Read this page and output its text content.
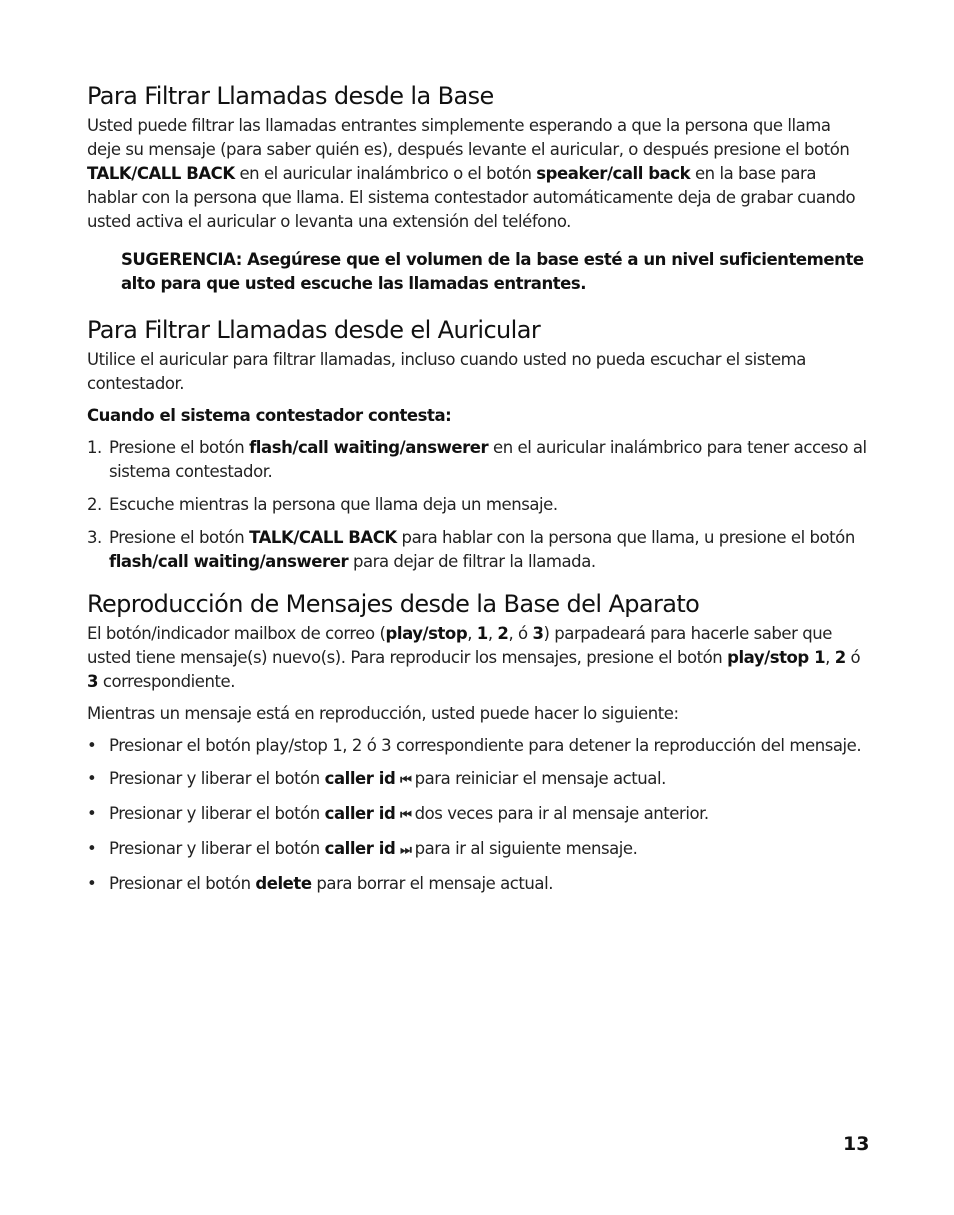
Para Filtrar Llamadas desde la Base

Usted puede filtrar las llamadas entrantes simplemente esperando a que la persona que llama deje su mensaje (para saber quién es), después levante el auricular, o después presione el botón TALK/CALL BACK en el auricular inalámbrico o el botón speaker/call back en la base para hablar con la persona que llama. El sistema contestador automáticamente deja de grabar cuando usted activa el auricular o levanta una extensión del teléfono.

SUGERENCIA: Asegúrese que el volumen de la base esté a un nivel suficientemente alto para que usted escuche las llamadas entrantes.
Para Filtrar Llamadas desde el Auricular

Utilice el auricular para filtrar llamadas, incluso cuando usted no pueda escuchar el sistema contestador.

Cuando el sistema contestador contesta:
1. Presione el botón flash/call waiting/answerer en el auricular inalámbrico para tener acceso al sistema contestador.
2. Escuche mientras la persona que llama deja un mensaje.
3. Presione el botón TALK/CALL BACK para hablar con la persona que llama, u presione el botón flash/call waiting/answerer para dejar de filtrar la llamada.
Reproducción de Mensajes desde la Base del Aparato

El botón/indicador mailbox de correo (play/stop, 1, 2, ó 3) parpadeará para hacerle saber que usted tiene mensaje(s) nuevo(s). Para reproducir los mensajes, presione el botón play/stop 1, 2 ó 3 correspondiente.

Mientras un mensaje está en reproducción, usted puede hacer lo siguiente:

• Presionar el botón play/stop 1, 2 ó 3 correspondiente para detener la reproducción del mensaje.
• Presionar y liberar el botón caller id ⏮ para reiniciar el mensaje actual.
• Presionar y liberar el botón caller id ⏮ dos veces para ir al mensaje anterior.
• Presionar y liberar el botón caller id ⏭ para ir al siguiente mensaje.
• Presionar el botón delete para borrar el mensaje actual.
13
